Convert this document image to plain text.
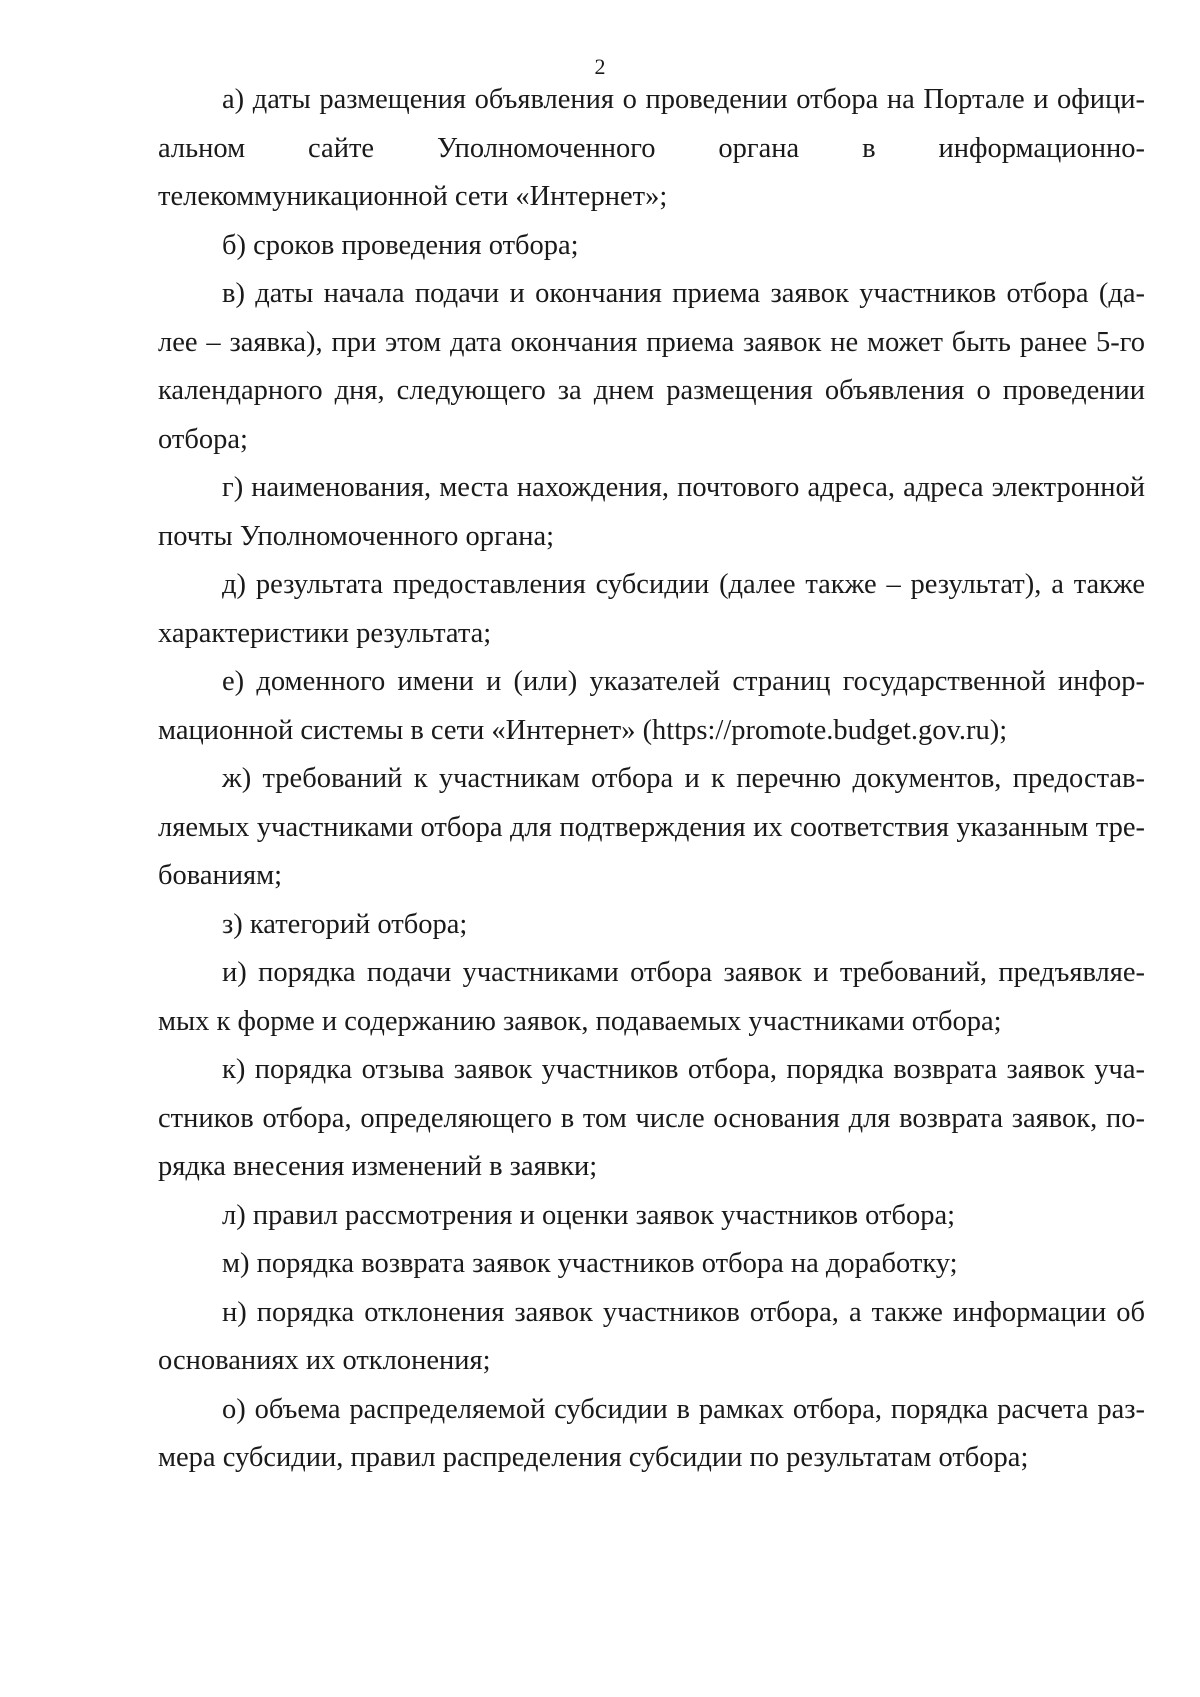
2
а) даты размещения объявления о проведении отбора на Портале и офици-
альном сайте Уполномоченного органа в информационно-
телекоммуникационной сети «Интернет»;
б) сроков проведения отбора;
в) даты начала подачи и окончания приема заявок участников отбора (да-
лее – заявка), при этом дата окончания приема заявок не может быть ранее 5-го
календарного дня, следующего за днем размещения объявления о проведении
отбора;
г) наименования, места нахождения, почтового адреса, адреса электронной
почты Уполномоченного органа;
д) результата предоставления субсидии (далее также – результат), а также
характеристики результата;
е) доменного имени и (или) указателей страниц государственной инфор-
мационной системы в сети «Интернет» (https://promote.budget.gov.ru);
ж) требований к участникам отбора и к перечню документов, предостав-
ляемых участниками отбора для подтверждения их соответствия указанным тре-
бованиям;
з) категорий отбора;
и) порядка подачи участниками отбора заявок и требований, предъявляе-
мых к форме и содержанию заявок, подаваемых участниками отбора;
к) порядка отзыва заявок участников отбора, порядка возврата заявок уча-
стников отбора, определяющего в том числе основания для возврата заявок, по-
рядка внесения изменений в заявки;
л) правил рассмотрения и оценки заявок участников отбора;
м) порядка возврата заявок участников отбора на доработку;
н) порядка отклонения заявок участников отбора, а также информации об
основаниях их отклонения;
о) объема распределяемой субсидии в рамках отбора, порядка расчета раз-
мера субсидии, правил распределения субсидии по результатам отбора;
